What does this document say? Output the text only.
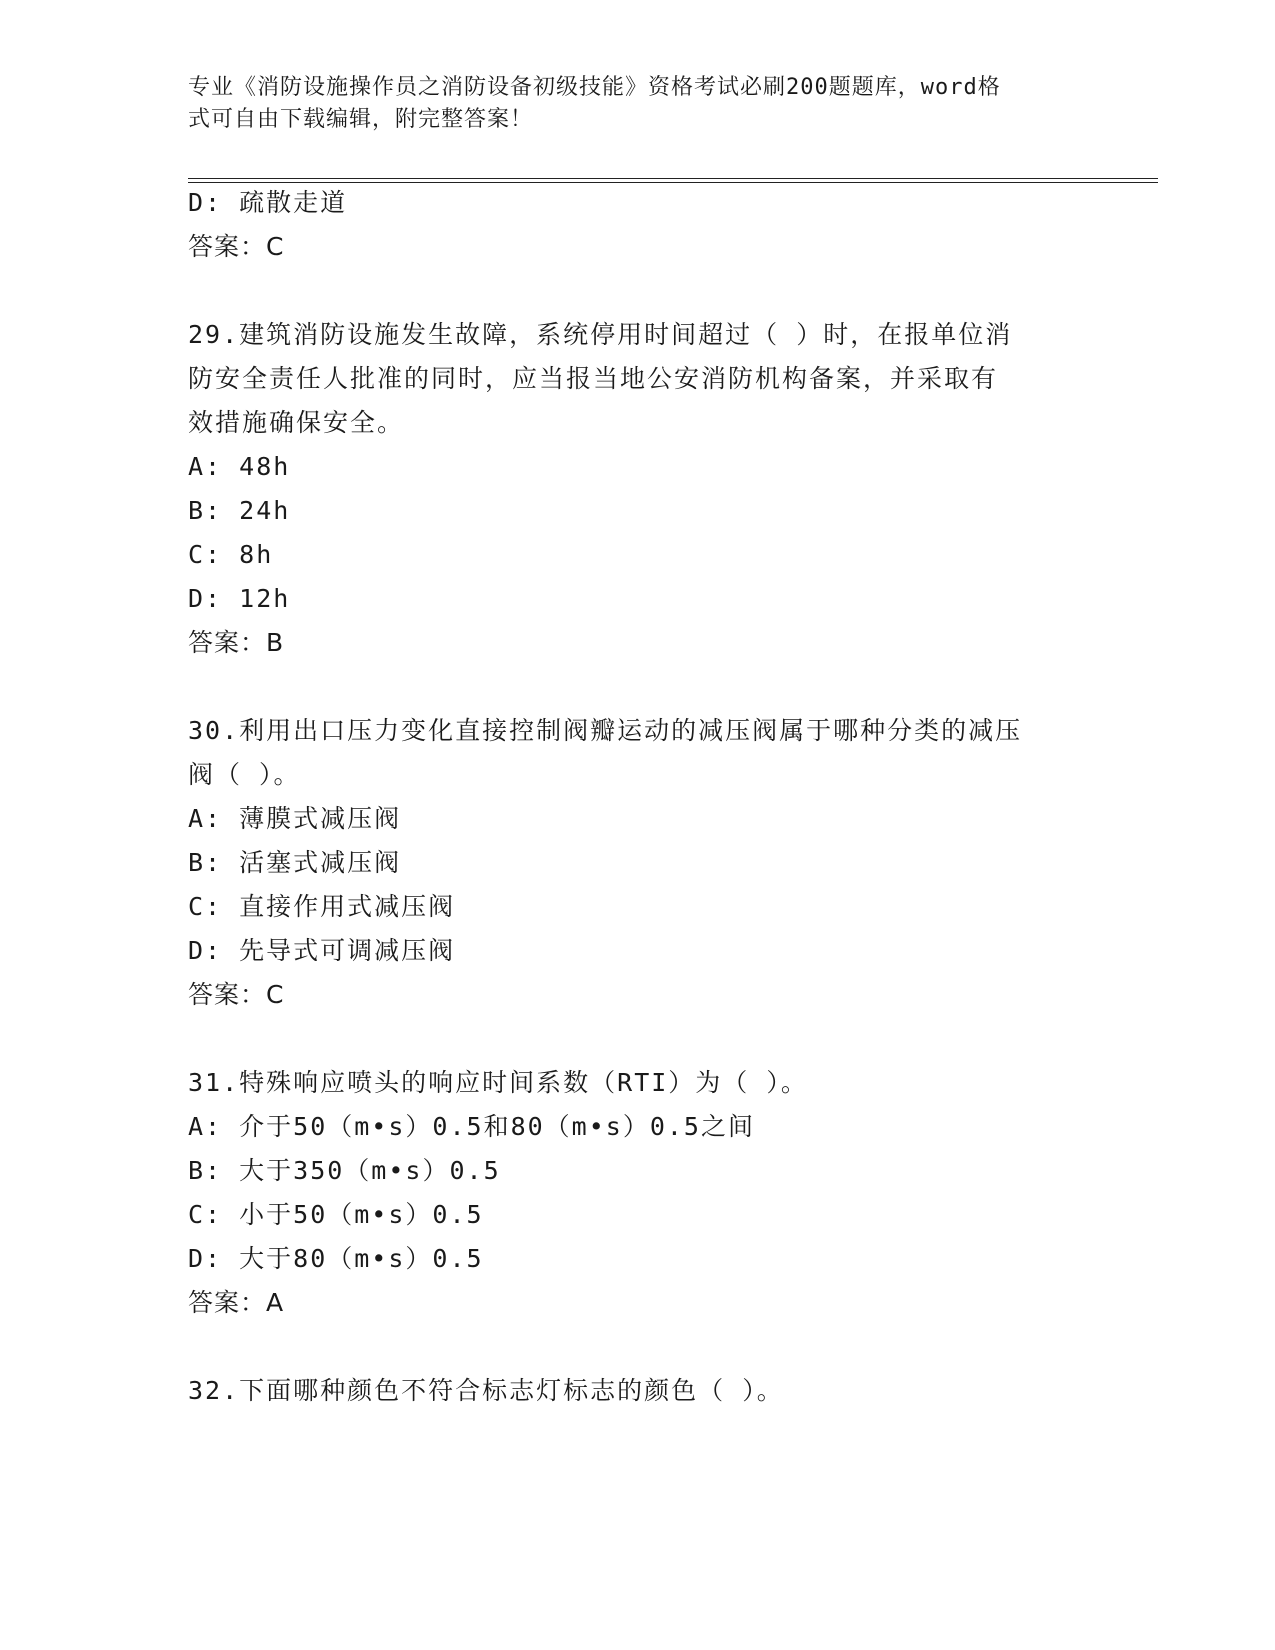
专业《消防设施操作员之消防设备初级技能》资格考试必刷200题题库，word格
式可自由下载编辑，附完整答案！
D: 疏散走道
答案：C
29.建筑消防设施发生故障，系统停用时间超过（ ）时，在报单位消
防安全责任人批准的同时，应当报当地公安消防机构备案，并采取有
效措施确保安全。
A: 48h
B: 24h
C: 8h
D: 12h
答案：B
30.利用出口压力变化直接控制阀瓣运动的减压阀属于哪种分类的减压
阀（ ）。
A: 薄膜式减压阀
B: 活塞式减压阀
C: 直接作用式减压阀
D: 先导式可调减压阀
答案：C
31.特殊响应喷头的响应时间系数（RTI）为（ ）。
A: 介于50（m•s）0.5和80（m•s）0.5之间
B: 大于350（m•s）0.5
C: 小于50（m•s）0.5
D: 大于80（m•s）0.5
答案：A
32.下面哪种颜色不符合标志灯标志的颜色（ ）。
